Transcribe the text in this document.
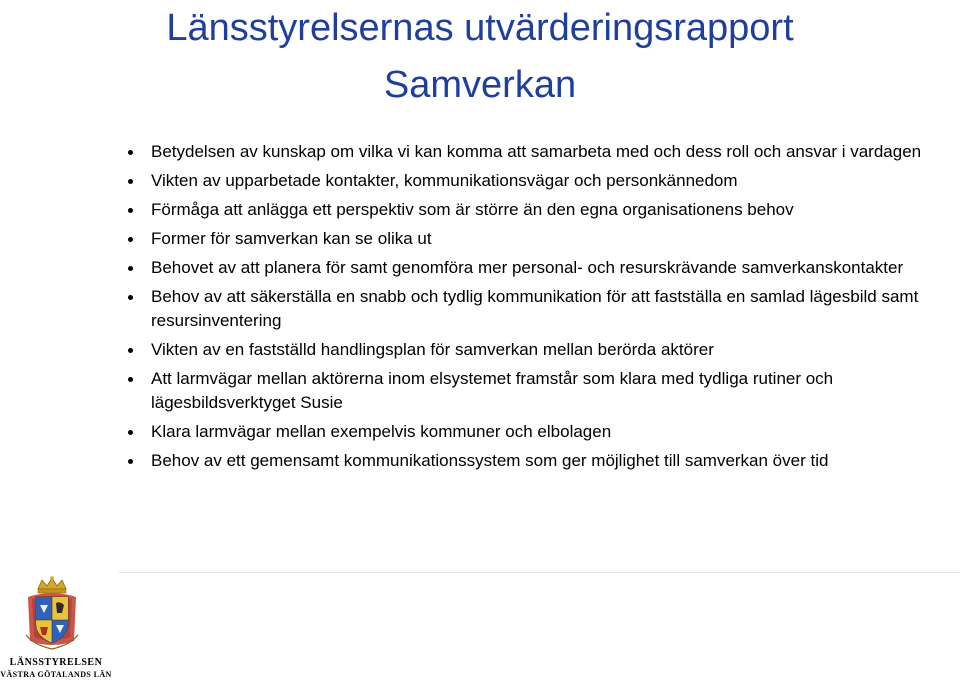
Länsstyrelsernas utvärderingsrapport
Samverkan
Betydelsen av kunskap om vilka vi kan komma att samarbeta med och dess roll och ansvar i vardagen
Vikten av upparbetade kontakter, kommunikationsvägar och personkännedom
Förmåga att anlägga ett perspektiv som är större än den egna organisationens behov
Former för samverkan kan se olika ut
Behovet av att planera för samt genomföra mer personal- och resurskrävande samverkanskontakter
Behov av att säkerställa en snabb och tydlig kommunikation för att fastställa en samlad lägesbild samt resursinventering
Vikten av en fastställd handlingsplan för samverkan mellan berörda aktörer
Att larmvägar mellan aktörerna inom elsystemet framstår som klara med tydliga rutiner och lägesbildsverktyget Susie
Klara larmvägar mellan exempelvis kommuner och elbolagen
Behov av ett gemensamt kommunikationssystem som ger möjlighet till samverkan över tid
LÄNSSTYRELSEN
VÄSTRA GÖTALANDS LÄN
